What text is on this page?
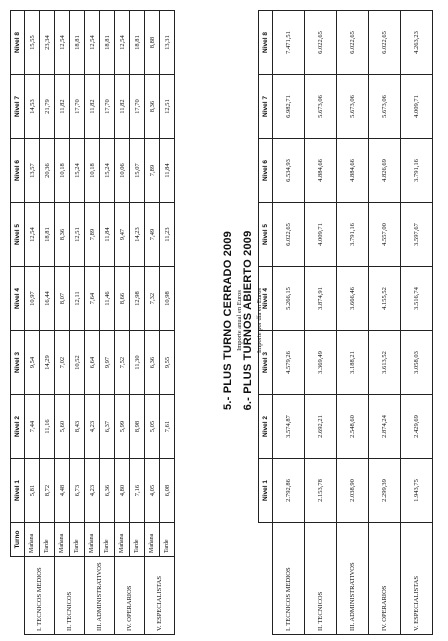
5.- PLUS TURNO CERRADO 2009 Importe anual en Euros
	Nivel 1	Nivel 2	Nivel 3	Nivel 4	Nivel 5	Nivel 6	Nivel 7	Nivel 8
I. TECNICOS MEDIOS	2.792,86	3.574,87	4.579,26	5.266,15	6.022,65	6.534,93	6.982,71	7.471,51
II. TECNICOS	2.153,78	2.692,21	3.369,49	3.874,91	4.009,71	4.884,66	5.673,06	6.022,65
III. ADMINISTRATIVOS	2.038,90	2.548,60	3.188,21	3.666,46	3.791,16	4.884,66	5.673,06	6.022,65
IV. OPERARIOS	2.299,39	2.874,24	3.613,52	4.155,52	4.557,00	4.826,69	5.673,06	6.022,65
V. ESPECIALISTAS	1.943,75	2.429,69	3.058,03	3.516,74	3.597,67	3.791,16	4.009,71	4.263,23
6.- PLUS TURNOS ABIERTO 2009 Importe por día en Euros
	Turno	Nivel 1	Nivel 2	Nivel 3	Nivel 4	Nivel 5	Nivel 6	Nivel 7	Nivel 8
I. TECNICOS MEDIOS	Mañana	5,81	7,44	9,54	10,97	12,54	13,57	14,53	15,55
	Tarde	8,72	11,16	14,29	16,44	18,81	20,36	21,79	23,34
II. TECNICOS	Mañana	4,48	5,60	7,02	8,07	8,36	10,18	11,82	12,54
	Tarde	6,73	8,43	10,52	12,11	12,51	15,24	17,70	18,81
III. ADMINISTRATIVOS	Mañana	4,23	4,23	6,64	7,64	7,89	10,18	11,82	12,54
	Tarde	6,36	6,37	9,97	11,46	11,84	15,24	17,70	18,81
IV. OPERARIOS	Mañana	4,80	5,99	7,52	8,66	9,47	10,06	11,82	12,54
	Tarde	7,16	8,98	11,30	12,98	14,23	15,07	17,70	18,81
V. ESPECIALISTAS	Mañana	4,05	5,05	6,36	7,32	7,49	7,89	8,36	8,88
	Tarde	6,08	7,61	9,55	10,98	11,23	11,84	12,51	13,31
